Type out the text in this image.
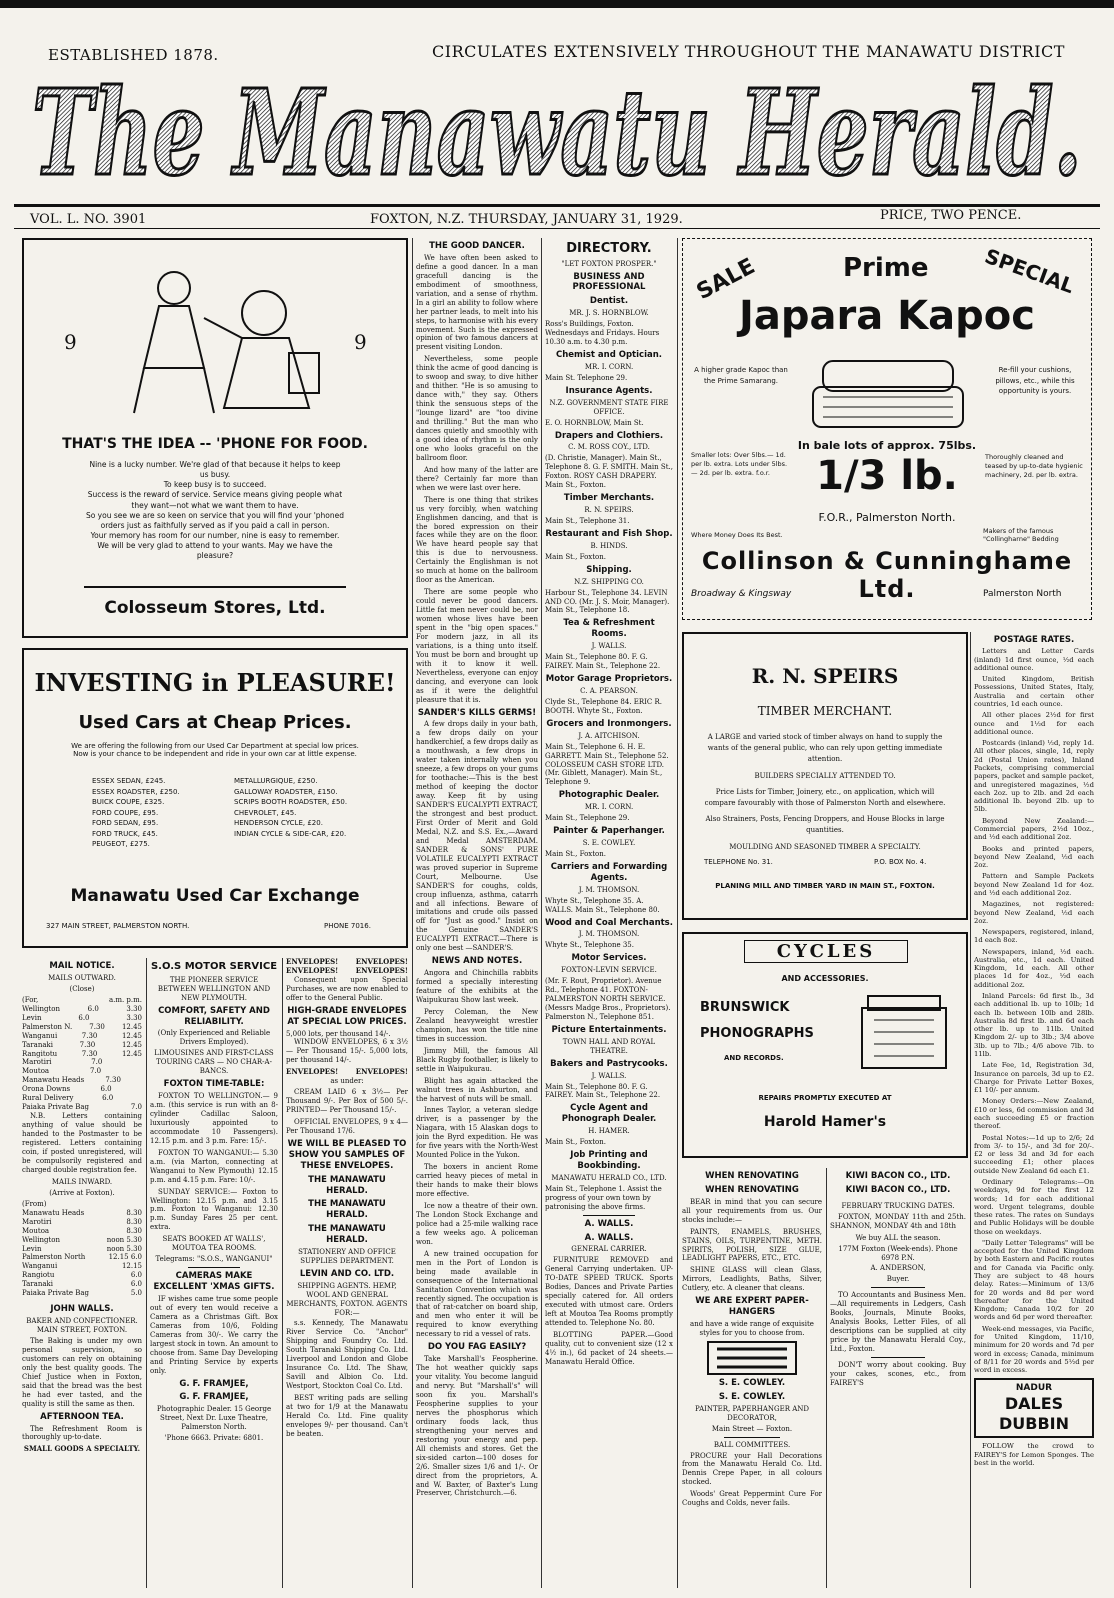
ESTABLISHED 1878.	CIRCULATES EXTENSIVELY THROUGHOUT THE MANAWATU DISTRICT
The Manawatu Herald.
VOL. L. NO. 3901	FOXTON, N.Z. THURSDAY, JANUARY 31, 1929.	PRICE, TWO PENCE.
9	9
THAT'S THE IDEA -- 'PHONE FOR FOOD.
Nine is a lucky number. We're glad of that because it helps to keep us busy.
To keep busy is to succeed.
Success is the reward of service. Service means giving people what they want—not what we want them to have.
So you see we are so keen on service that you will find your 'phoned orders just as faithfully served as if you paid a call in person.
Your memory has room for our number, nine is easy to remember.
We will be very glad to attend to your wants. May we have the pleasure?
Colosseum Stores, Ltd.
INVESTING in PLEASURE!
Used Cars at Cheap Prices.
We are offering the following from our Used Car Department at special low prices.
Now is your chance to be independent and ride in your own car at little expense.
ESSEX SEDAN, £245.
ESSEX ROADSTER, £250.
BUICK COUPE, £325.
FORD COUPE, £95.
FORD SEDAN, £95.
FORD TRUCK, £45.
PEUGEOT, £275.
METALLURGIQUE, £250.
GALLOWAY ROADSTER, £150.
SCRIPS BOOTH ROADSTER, £50.
CHEVROLET, £45.
HENDERSON CYCLE, £20.
INDIAN CYCLE & SIDE-CAR, £20.
Manawatu Used Car Exchange
327 MAIN STREET, PALMERSTON NORTH.	PHONE 7016.
MAIL NOTICE.
MAILS OUTWARD.
(Close)
(For,	a.m. p.m.
Wellington	6.0	3.30
Levin	6.0	3.30
Palmerston N. 7.30 12.45
Wanganui	7.30	12.45
Taranaki	7.30	12.45
Rangitotu	7.30	12.45
Marotiri	7.0
Moutoa	7.0
Manawatu Heads	7.30
Orona Downs	6.0
Rural Delivery	6.0
Paiaka Private Bag	7.0

N.B. Letters containing anything of value should be handed to the Postmaster to be registered. Letters containing coin, if posted unregistered, will be compulsorily registered and charged double registration fee.

MAILS INWARD.
(Arrive at Foxton).
(From)
Manawatu Heads	8.30
Marotiri	8.30
Moutoa	8.30
Wellington	noon 5.30
Levin	noon 5.30
Palmerston North	12.15 6.0
Wanganui	12.15
Rangiotu	6.0
Taranaki	6.0
Paiaka Private Bag	5.0
JOHN WALLS.
BAKER AND CONFECTIONER. MAIN STREET, FOXTON.

The Baking is under my own personal supervision, so customers can rely on obtaining only the best quality goods. The Chief Justice when in Foxton, said that the bread was the best he had ever tasted, and the quality is still the same as then.

AFTERNOON TEA.

The Refreshment Room is thoroughly up-to-date.

SMALL GOODS A SPECIALTY.
S.O.S MOTOR SERVICE
THE PIONEER SERVICE BETWEEN WELLINGTON AND NEW PLYMOUTH.
COMFORT, SAFETY AND RELIABILITY.
(Only Experienced and Reliable Drivers Employed).
LIMOUSINES AND FIRST-CLASS TOURING CARS — NO CHAR-A-BANCS.
FOXTON TIME-TABLE:

FOXTON TO WELLINGTON.— 9 a.m. (this service is run with an 8-cylinder Cadillac Saloon, luxuriously appointed to accommodate 10 Passengers). 12.15 p.m. and 3 p.m. Fare: 15/-.

FOXTON TO WANGANUI:— 5.30 a.m. (via Marton, connecting at Wanganui to New Plymouth) 12.15 p.m. and 4.15 p.m. Fare: 10/-.

SUNDAY SERVICE:— Foxton to Wellington: 12.15 p.m. and 3.15 p.m. Foxton to Wanganui: 12.30 p.m. Sunday Fares 25 per cent. extra.

SEATS BOOKED AT WALLS', MOUTOA TEA ROOMS.
Telegrams: "S.O.S., WANGANUI"
CAMERAS MAKE EXCELLENT 'XMAS GIFTS.

IF wishes came true some people out of every ten would receive a Camera as a Christmas Gift. Box Cameras from 10/6, Folding Cameras from 30/-. We carry the largest stock in town. An amount to choose from. Same Day Developing and Printing Service by experts only.

G. F. FRAMJEE,
G. F. FRAMJEE,
Photographic Dealer. 15 George Street, Next Dr. Luxe Theatre, Palmerston North.
'Phone 6663. Private: 6801.
ENVELOPES!	ENVELOPES!
ENVELOPES!	ENVELOPES!

Consequent upon Special Purchases, we are now enabled to offer to the General Public.

HIGH-GRADE ENVELOPES AT SPECIAL LOW PRICES.
5,000 lots, per thousand 14/-.

WINDOW ENVELOPES, 6 x 3½— Per Thousand 15/-. 5,000 lots, per thousand 14/-.

ENVELOPES!	ENVELOPES!
as under:

CREAM LAID 6 x 3½— Per Thousand 9/-. Per Box of 500 5/-. PRINTED— Per Thousand 15/-.

OFFICIAL ENVELOPES, 9 x 4— Per Thousand 17/6.

WE WILL BE PLEASED TO SHOW YOU SAMPLES OF THESE ENVELOPES.
THE MANAWATU HERALD.
THE MANAWATU HERALD.
THE MANAWATU HERALD.
STATIONERY AND OFFICE SUPPLIES DEPARTMENT.
LEVIN AND CO. LTD.
SHIPPING AGENTS. HEMP, WOOL AND GENERAL MERCHANTS, FOXTON. AGENTS FOR:—

s.s. Kennedy, The Manawatu River Service Co. "Anchor" Shipping and Foundry Co. Ltd. South Taranaki Shipping Co. Ltd. Liverpool and London and Globe Insurance Co. Ltd. The Shaw, Savill and Albion Co. Ltd. Westport, Stockton Coal Co. Ltd.

BEST writing pads are selling at two for 1/9 at the Manawatu Herald Co. Ltd. Fine quality envelopes 9/- per thousand. Can't be beaten.

THE GOOD DANCER.

We have often been asked to define a good dancer. In a man gracefull dancing is the embodiment of smoothness, variation, and a sense of rhythm. In a girl an ability to follow where her partner leads, to melt into his steps, to harmonise with his every movement. Such is the expressed opinion of two famous dancers at present visiting London.

Nevertheless, some people think the acme of good dancing is to swoop and sway, to dive hither and thither. "He is so amusing to dance with," they say. Others think the sensuous steps of the "lounge lizard" are "too divine and thrilling." But the man who dances quietly and smoothly with a good idea of rhythm is the only one who looks graceful on the ballroom floor.

And how many of the latter are there? Certainly far more than when we were last over here.

There is one thing that strikes us very forcibly, when watching Englishmen dancing, and that is the bored expression on their faces while they are on the floor. We have heard people say that this is due to nervousness. Certainly the Englishman is not so much at home on the ballroom floor as the American.

There are some people who could never be good dancers. Little fat men never could be, nor women whose lives have been spent in the "big open spaces." For modern jazz, in all its variations, is a thing unto itself. You must be born and brought up with it to know it well. Nevertheless, everyone can enjoy dancing, and everyone can look as if it were the delightful pleasure that it is.

SANDER'S KILLS GERMS!

A few drops daily in your bath, a few drops daily on your handkerchief, a few drops daily as a mouthwash, a few drops in water taken internally when you sneeze, a few drops on your gums for toothache:—This is the best method of keeping the doctor away. Keep fit by using SANDER'S EUCALYPTI EXTRACT, the strongest and best product. First Order of Merit and Gold Medal, N.Z. and S.S. Ex.,—Award and Medal AMSTERDAM. SANDER & SONS' PURE VOLATILE EUCALYPTI EXTRACT was proved superior in Supreme Court, Melbourne. Use SANDER'S for coughs, colds, croup influenza, asthma, catarrh and all infections. Beware of imitations and crude oils passed off for "Just as good." Insist on the Genuine SANDER'S EUCALYPTI EXTRACT.—There is only one best —SANDER'S.

NEWS AND NOTES.

Angora and Chinchilla rabbits formed a specially interesting feature of the exhibits at the Waipukurau Show last week.

Percy Coleman, the New Zealand heavyweight wrestler champion, has won the title nine times in succession.

Jimmy Mill, the famous All Black Rugby footballer, is likely to settle in Waipukurau.

Blight has again attacked the walnut trees in Ashburton, and the harvest of nuts will be small.

Innes Taylor, a veteran sledge driver, is a passenger by the Niagara, with 15 Alaskan dogs to join the Byrd expedition. He was for five years with the North-West Mounted Police in the Yukon.

The boxers in ancient Rome carried heavy pieces of metal in their hands to make their blows more effective.

Ice now a theatre of their own. The London Stock Exchange and police had a 25-mile walking race a few weeks ago. A policeman won.

A new trained occupation for men in the Port of London is being made available in consequence of the International Sanitation Convention which was recently signed. The occupation is that of rat-catcher on board ship, and men who enter it will be required to know everything necessary to rid a vessel of rats.

DO YOU FAG EASILY?

Take Marshall's Feospherine. The hot weather quickly saps your vitality. You become languid and nervy. But "Marshall's" will soon fix you. Marshall's Feospherine supplies to your nerves the phosphorus which ordinary foods lack, thus strengthening your nerves and restoring your energy and pep. All chemists and stores. Get the six-sided carton—100 doses for 2/6. Smaller sizes 1/6 and 1/-. Or direct from the proprietors, A. and W. Baxter, of Baxter's Lung Preserver, Christchurch.—6.

DIRECTORY.
"LET FOXTON PROSPER."
BUSINESS AND PROFESSIONAL
Dentist.
MR. J. S. HORNBLOW.
Ross's Buildings, Foxton. Wednesdays and Fridays. Hours 10.30 a.m. to 4.30 p.m.
Chemist and Optician.
MR. I. CORN.
Main St. Telephone 29.
Insurance Agents.
N.Z. GOVERNMENT STATE FIRE OFFICE.
E. O. HORNBLOW, Main St.
Drapers and Clothiers.
C. M. ROSS COY., LTD.
(D. Christie, Manager). Main St., Telephone 8. G. F. SMITH. Main St., Foxton. ROSY CASH DRAPERY. Main St., Foxton.
Timber Merchants.
R. N. SPEIRS.
Main St., Telephone 31.
Restaurant and Fish Shop.
B. HINDS.
Main St., Foxton.
Shipping.
N.Z. SHIPPING CO.
Harbour St., Telephone 34. LEVIN AND CO. (Mr. J. S. Moir, Manager). Main St., Telephone 18.
Tea & Refreshment Rooms.
J. WALLS.
Main St., Telephone 80. F. G. FAIREY. Main St., Telephone 22.
Motor Garage Proprietors.
C. A. PEARSON.
Clyde St., Telephone 84. ERIC R. BOOTH. Whyte St., Foxton.
Grocers and Ironmongers.
J. A. AITCHISON.
Main St., Telephone 6. H. E. GARRETT. Main St., Telephone 52. COLOSSEUM CASH STORE LTD. (Mr. Giblett, Manager). Main St., Telephone 9.
Photographic Dealer.
MR. I. CORN.
Main St., Telephone 29.
Painter & Paperhanger.
S. E. COWLEY.
Main St., Foxton.
Carriers and Forwarding Agents.
J. M. THOMSON.
Whyte St., Telephone 35. A. WALLS. Main St., Telephone 80.
Wood and Coal Merchants.
J. M. THOMSON.
Whyte St., Telephone 35.
Motor Services.
FOXTON-LEVIN SERVICE.
(Mr. F. Rout, Proprietor). Avenue Rd., Telephone 41. FOXTON-PALMERSTON NORTH SERVICE. (Messrs Madge Bros., Proprietors). Palmerston N., Telephone 851.
Picture Entertainments.
TOWN HALL AND ROYAL THEATRE.
Bakers and Pastrycooks.
J. WALLS.
Main St., Telephone 80. F. G. FAIREY. Main St., Telephone 22.
Cycle Agent and Phonograph Dealer.
H. HAMER.
Main St., Foxton.
Job Printing and Bookbinding.
MANAWATU HERALD CO., LTD.
Main St., Telephone 1. Assist the progress of your own town by patronising the above firms.
A. WALLS.
A. WALLS.
GENERAL CARRIER.

FURNITURE REMOVED and General Carrying undertaken. UP-TO-DATE SPEED TRUCK. Sports Bodies, Dances and Private Parties specially catered for. All orders executed with utmost care. Orders left at Moutoa Tea Rooms promptly attended to. Telephone No. 80.

BLOTTING PAPER.—Good quality, cut to convenient size (12 x 4½ in.), 6d packet of 24 sheets.—Manawatu Herald Office.

SALE	Prime	SPECIAL
Japara Kapoc
A higher grade Kapoc than the Prime Samarang.
Re-fill your cushions, pillows, etc., while this opportunity is yours.
In bale lots of approx. 75lbs.
Smaller lots: Over 5lbs.— 1d. per lb. extra. Lots under 5lbs.— 2d. per lb. extra. f.o.r.	1/3 lb.	Thoroughly cleaned and teased by up-to-date hygienic machinery, 2d. per lb. extra.
F.O.R., Palmerston North.
Where Money Does Its Best.	Makers of the famous "Collingharne" Bedding
Collinson & Cunninghame Ltd.
Broadway & Kingsway	Palmerston North
R. N. SPEIRS
TIMBER MERCHANT.
A LARGE and varied stock of timber always on hand to supply the wants of the general public, who can rely upon getting immediate attention.
BUILDERS SPECIALLY ATTENDED TO.
Price Lists for Timber, Joinery, etc., on application, which will compare favourably with those of Palmerston North and elsewhere.
Also Strainers, Posts, Fencing Droppers, and House Blocks in large quantities.
MOULDING AND SEASONED TIMBER A SPECIALTY.
TELEPHONE No. 31.	P.O. BOX No. 4.
PLANING MILL AND TIMBER YARD IN MAIN ST., FOXTON.
CYCLES
AND ACCESSORIES.
BRUNSWICK
PHONOGRAPHS
AND RECORDS.
REPAIRS PROMPTLY EXECUTED AT
Harold Hamer's
WHEN RENOVATING
WHEN RENOVATING

BEAR in mind that you can secure all your requirements from us. Our stocks include:—

PAINTS, ENAMELS, BRUSHES, STAINS, OILS, TURPENTINE, METH. SPIRITS, POLISH, SIZE GLUE, LEADLIGHT PAPERS, ETC., ETC.

SHINE GLASS will clean Glass, Mirrors, Leadlights, Baths, Silver, Cutlery, etc. A cleaner that cleans.

WE ARE EXPERT PAPER-HANGERS
and have a wide range of exquisite styles for you to choose from.
S. E. COWLEY.
S. E. COWLEY.
PAINTER, PAPERHANGER AND DECORATOR,
Main Street — Foxton.
BALL COMMITTEES.

PROCURE your Hall Decorations from the Manawatu Herald Co. Ltd. Dennis Crepe Paper, in all colours stocked.

Woods' Great Peppermint Cure For Coughs and Colds, never fails.

KIWI BACON CO., LTD.
KIWI BACON CO., LTD.
FEBRUARY TRUCKING DATES.

FOXTON, MONDAY 11th and 25th. SHANNON, MONDAY 4th and 18th

We buy ALL the season.
177M Foxton (Week-ends). Phone 6978 P.N.
A. ANDERSON,
Buyer.

TO Accountants and Business Men. —All requirements in Ledgers, Cash Books, Journals, Minute Books, Analysis Books, Letter Files, of all descriptions can be supplied at city price by the Manawatu Herald Coy., Ltd., Foxton.

DON'T worry about cooking. Buy your cakes, scones, etc., from FAIREY'S

POSTAGE RATES.

Letters and Letter Cards (inland) 1d first ounce, ½d each additional ounce.

United Kingdom, British Possessions, United States, Italy, Australia and certain other countries, 1d each ounce.

All other places 2½d for first ounce and 1½d for each additional ounce.

Postcards (inland) ½d, reply 1d. All other places, single, 1d, reply 2d (Postal Union rates), Inland Packets, comprising commercial papers, packet and sample packet, and unregistered magazines, ½d each 2oz. up to 2lb. and 2d each additional lb. beyond 2lb. up to 5lb.

Beyond New Zealand:—Commercial papers, 2½d 10oz., and ½d each additional 2oz.

Books and printed papers, beyond New Zealand, ½d each 2oz.

Pattern and Sample Packets beyond New Zealand 1d for 4oz. and ½d each additional 2oz.

Magazines, not registered: beyond New Zealand, ½d each 2oz.

Newspapers, registered, inland, 1d each 8oz.

Newspapers, inland, ½d each. Australia, etc., 1d each. United Kingdom, 1d each. All other places 1d for 4oz., ½d each additional 2oz.

Inland Parcels: 6d first lb., 3d each additional lb. up to 10lb; 1d each lb. between 10lb and 28lb. Australia 8d first lb. and 6d each other lb. up to 11lb. United Kingdom 2/- up to 3lb.; 3/4 above 3lb. up to 7lb.; 4/6 above 7lb. to 11lb.

Late Fee, 1d, Registration 3d, Insurance on parcels, 3d up to £2. Charge for Private Letter Boxes, £1 10/- per annum.

Money Orders:—New Zealand, £10 or less, 6d commission and 3d each succeeding £5 or fraction thereof.

Postal Notes:—1d up to 2/6; 2d from 3/- to 15/-, and 3d for 20/-. £2 or less 3d and 3d for each succeeding £1; other places outside New Zealand 6d each £1.

Ordinary Telegrams:—On weekdays, 9d for the first 12 words; 1d for each additional word. Urgent telegrams, double these rates. The rates on Sundays and Public Holidays will be double those on weekdays.

"Daily Letter Telegrams" will be accepted for the United Kingdom by both Eastern and Pacific routes and for Canada via Pacific only. They are subject to 48 hours delay. Rates:—Minimum of 13/6 for 20 words and 8d per word thereafter for the United Kingdom; Canada 10/2 for 20 words and 6d per word thereafter.

Week-end messages, via Pacific, for United Kingdom, 11/10, minimum for 20 words and 7d per word in excess; Canada, minimum of 8/11 for 20 words and 5½d per word in excess.

NADUR
DALES
DUBBIN

FOLLOW the crowd to FAIREY'S for Lemon Sponges. The best in the world.
